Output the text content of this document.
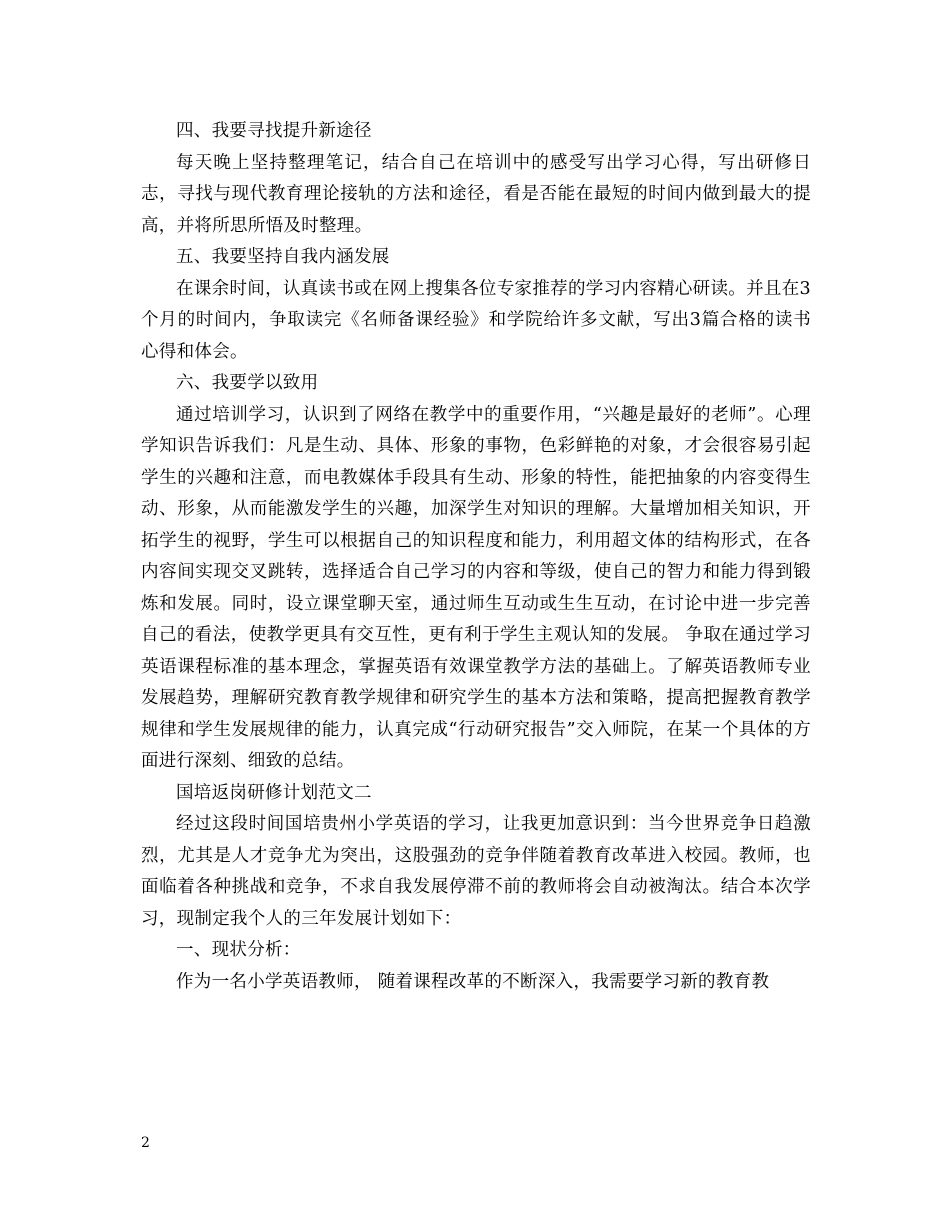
四、我要寻找提升新途径

每天晚上坚持整理笔记，结合自己在培训中的感受写出学习心得，写出研修日志，寻找与现代教育理论接轨的方法和途径，看是否能在最短的时间内做到最大的提高，并将所思所悟及时整理。

五、我要坚持自我内涵发展

在课余时间，认真读书或在网上搜集各位专家推荐的学习内容精心研读。并且在3个月的时间内，争取读完《名师备课经验》和学院给许多文献，写出3篇合格的读书心得和体会。

六、我要学以致用

通过培训学习，认识到了网络在教学中的重要作用，“兴趣是最好的老师”。心理学知识告诉我们：凡是生动、具体、形象的事物，色彩鲜艳的对象，才会很容易引起学生的兴趣和注意，而电教媒体手段具有生动、形象的特性，能把抽象的内容变得生动、形象，从而能激发学生的兴趣，加深学生对知识的理解。大量增加相关知识，开拓学生的视野，学生可以根据自己的知识程度和能力，利用超文体的结构形式，在各内容间实现交叉跳转，选择适合自己学习的内容和等级，使自己的智力和能力得到锻炼和发展。同时，设立课堂聊天室，通过师生互动或生生互动，在讨论中进一步完善自己的看法，使教学更具有交互性，更有利于学生主观认知的发展。 争取在通过学习英语课程标准的基本理念，掌握英语有效课堂教学方法的基础上。了解英语教师专业发展趋势，理解研究教育教学规律和研究学生的基本方法和策略，提高把握教育教学规律和学生发展规律的能力，认真完成“行动研究报告”交入师院，在某一个具体的方面进行深刻、细致的总结。

国培返岗研修计划范文二

经过这段时间国培贵州小学英语的学习，让我更加意识到：当今世界竞争日趋激烈，尤其是人才竞争尤为突出，这股强劲的竞争伴随着教育改革进入校园。教师，也面临着各种挑战和竞争，不求自我发展停滞不前的教师将会自动被淘汰。结合本次学习，现制定我个人的三年发展计划如下：

一、现状分析：

作为一名小学英语教师， 随着课程改革的不断深入，我需要学习新的教育教

2
